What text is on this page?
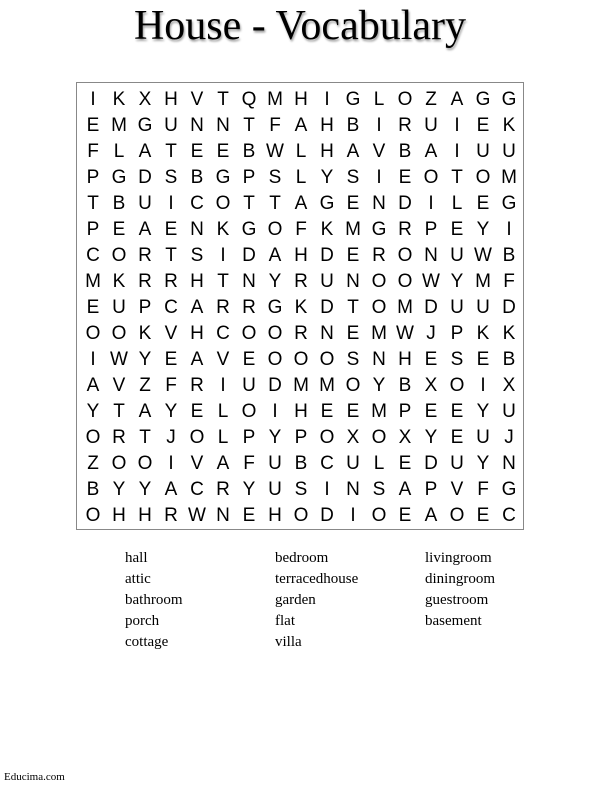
House - Vocabulary
I K X H V T Q M H I G L O Z A G G
E M G U N N T F A H B I R U I E K
F L A T E E B W L H A V B A I U U
P G D S B G P S L Y S I E O T O M
T B U I C O T T A G E N D I L E G
P E A E N K G O F K M G R P E Y I
C O R T S I D A H D E R O N U W B
M K R R H T N Y R U N O O W Y M F
E U P C A R R G K D T O M D U U D
O O K V H C O O R N E M W J P K K
I W Y E A V E O O O S N H E S E B
A V Z F R I U D M M O Y B X O I X
Y T A Y E L O I H E E M P E E Y U
O R T J O L P Y P O X O X Y E U J
Z O O I V A F U B C U L E D U Y N
B Y Y A C R Y U S I N S A P V F G
O H H R W N E H O D I O E A O E C
hall
attic
bathroom
porch
cottage
bedroom
terracedhouse
garden
flat
villa
livingroom
diningroom
guestroom
basement
Educima.com
